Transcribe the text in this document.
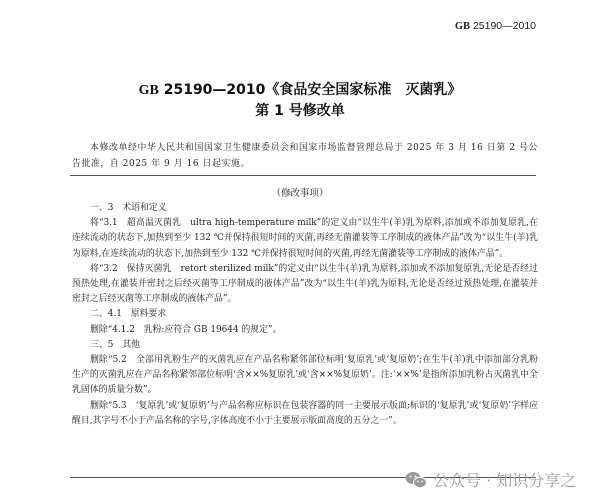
GB 25190—2010
GB 25190—2010《食品安全国家标准　灭菌乳》
第 1 号修改单
本修改单经中华人民共和国国家卫生健康委员会和国家市场监督管理总局于 2025 年 3 月 16 日第 2 号公告批准，自 2025 年 9 月 16 日起实施。
（修改事项）

一、3　术语和定义

将“3.1　超高温灭菌乳　ultra high-temperature milk”的定义由“以生牛(羊)乳为原料,添加或不添加复原乳,在连续流动的状态下,加热到至少 132 ℃并保持很短时间的灭菌,再经无菌灌装等工序制成的液体产品”改为“以生牛(羊)乳为原料,在连续流动的状态下,加热到至少 132 ℃并保持很短时间的灭菌,再经无菌灌装等工序制成的液体产品”。

将“3.2　保持灭菌乳　retort sterilized milk”的定义由“以生牛(羊)乳为原料,添加或不添加复原乳,无论是否经过预热处理,在灌装并密封之后经灭菌等工序制成的液体产品”改为“以生牛(羊)乳为原料,无论是否经过预热处理,在灌装并密封之后经灭菌等工序制成的液体产品”。

二、4.1　原料要求

删除“4.1.2　乳粉:应符合 GB 19644 的规定”。

三、5　其他

删除“5.2　全部用乳粉生产的灭菌乳应在产品名称紧邻部位标明‘复原乳’或‘复原奶’;在生牛(羊)乳中添加部分乳粉生产的灭菌乳应在产品名称紧邻部位标明‘含××%复原乳’或‘含××%复原奶’。注:‘××%’是指所添加乳粉占灭菌乳中全乳固体的质量分数”。

删除“5.3　‘复原乳’或‘复原奶’与产品名称应标识在包装容器的同一主要展示版面;标识的‘复原乳’或‘复原奶’字样应醒目,其字号不小于产品名称的字号,字体高度不小于主要展示版面高度的五分之一”。

公众号 · 知识分享之
